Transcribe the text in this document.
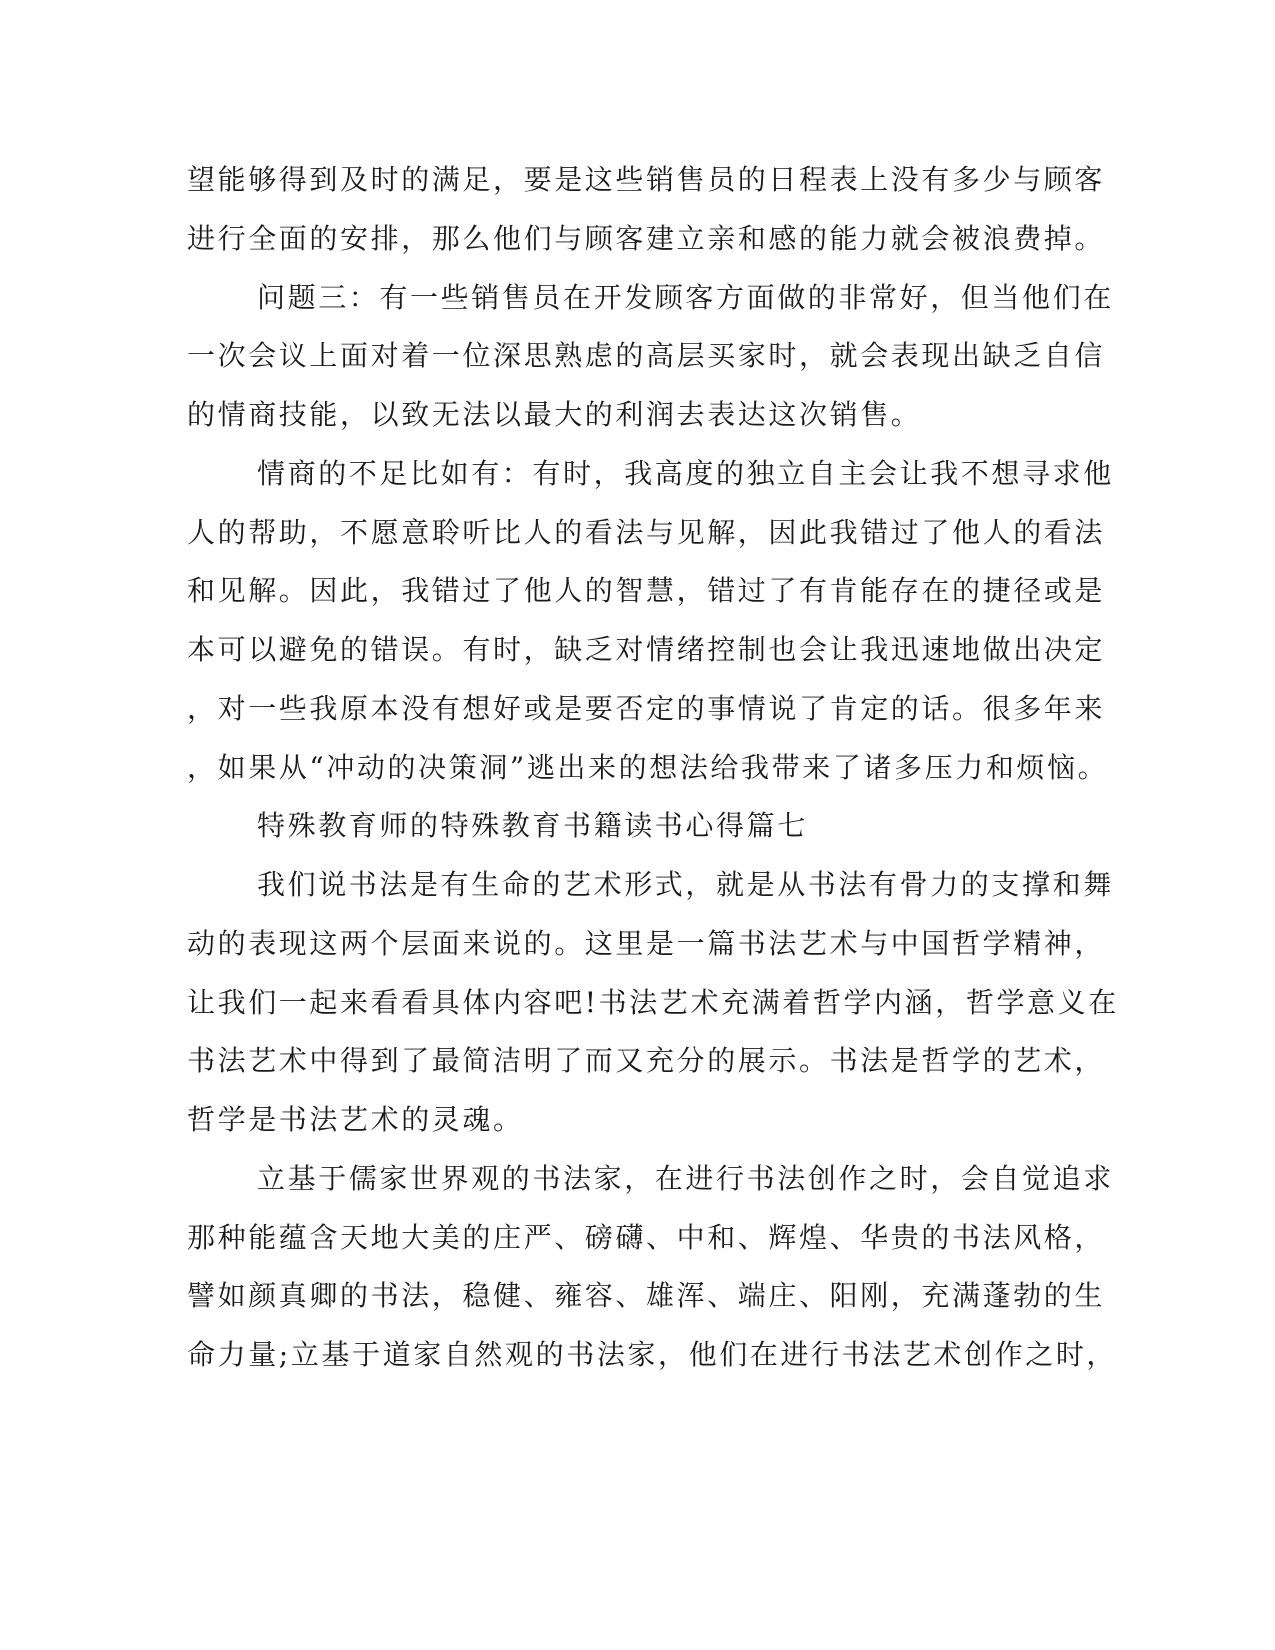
望能够得到及时的满足，要是这些销售员的日程表上没有多少与顾客
进行全面的安排，那么他们与顾客建立亲和感的能力就会被浪费掉。
问题三：有一些销售员在开发顾客方面做的非常好，但当他们在
一次会议上面对着一位深思熟虑的高层买家时，就会表现出缺乏自信
的情商技能，以致无法以最大的利润去表达这次销售。
情商的不足比如有：有时，我高度的独立自主会让我不想寻求他
人的帮助，不愿意聆听比人的看法与见解，因此我错过了他人的看法
和见解。因此，我错过了他人的智慧，错过了有肯能存在的捷径或是
本可以避免的错误。有时，缺乏对情绪控制也会让我迅速地做出决定
，对一些我原本没有想好或是要否定的事情说了肯定的话。很多年来
，如果从“冲动的决策洞”逃出来的想法给我带来了诸多压力和烦恼。
特殊教育师的特殊教育书籍读书心得篇七
我们说书法是有生命的艺术形式，就是从书法有骨力的支撑和舞
动的表现这两个层面来说的。这里是一篇书法艺术与中国哲学精神，
让我们一起来看看具体内容吧!书法艺术充满着哲学内涵，哲学意义在
书法艺术中得到了最简洁明了而又充分的展示。书法是哲学的艺术，
哲学是书法艺术的灵魂。
立基于儒家世界观的书法家，在进行书法创作之时，会自觉追求
那种能蕴含天地大美的庄严、磅礴、中和、辉煌、华贵的书法风格，
譬如颜真卿的书法，稳健、雍容、雄浑、端庄、阳刚，充满蓬勃的生
命力量;立基于道家自然观的书法家，他们在进行书法艺术创作之时，
